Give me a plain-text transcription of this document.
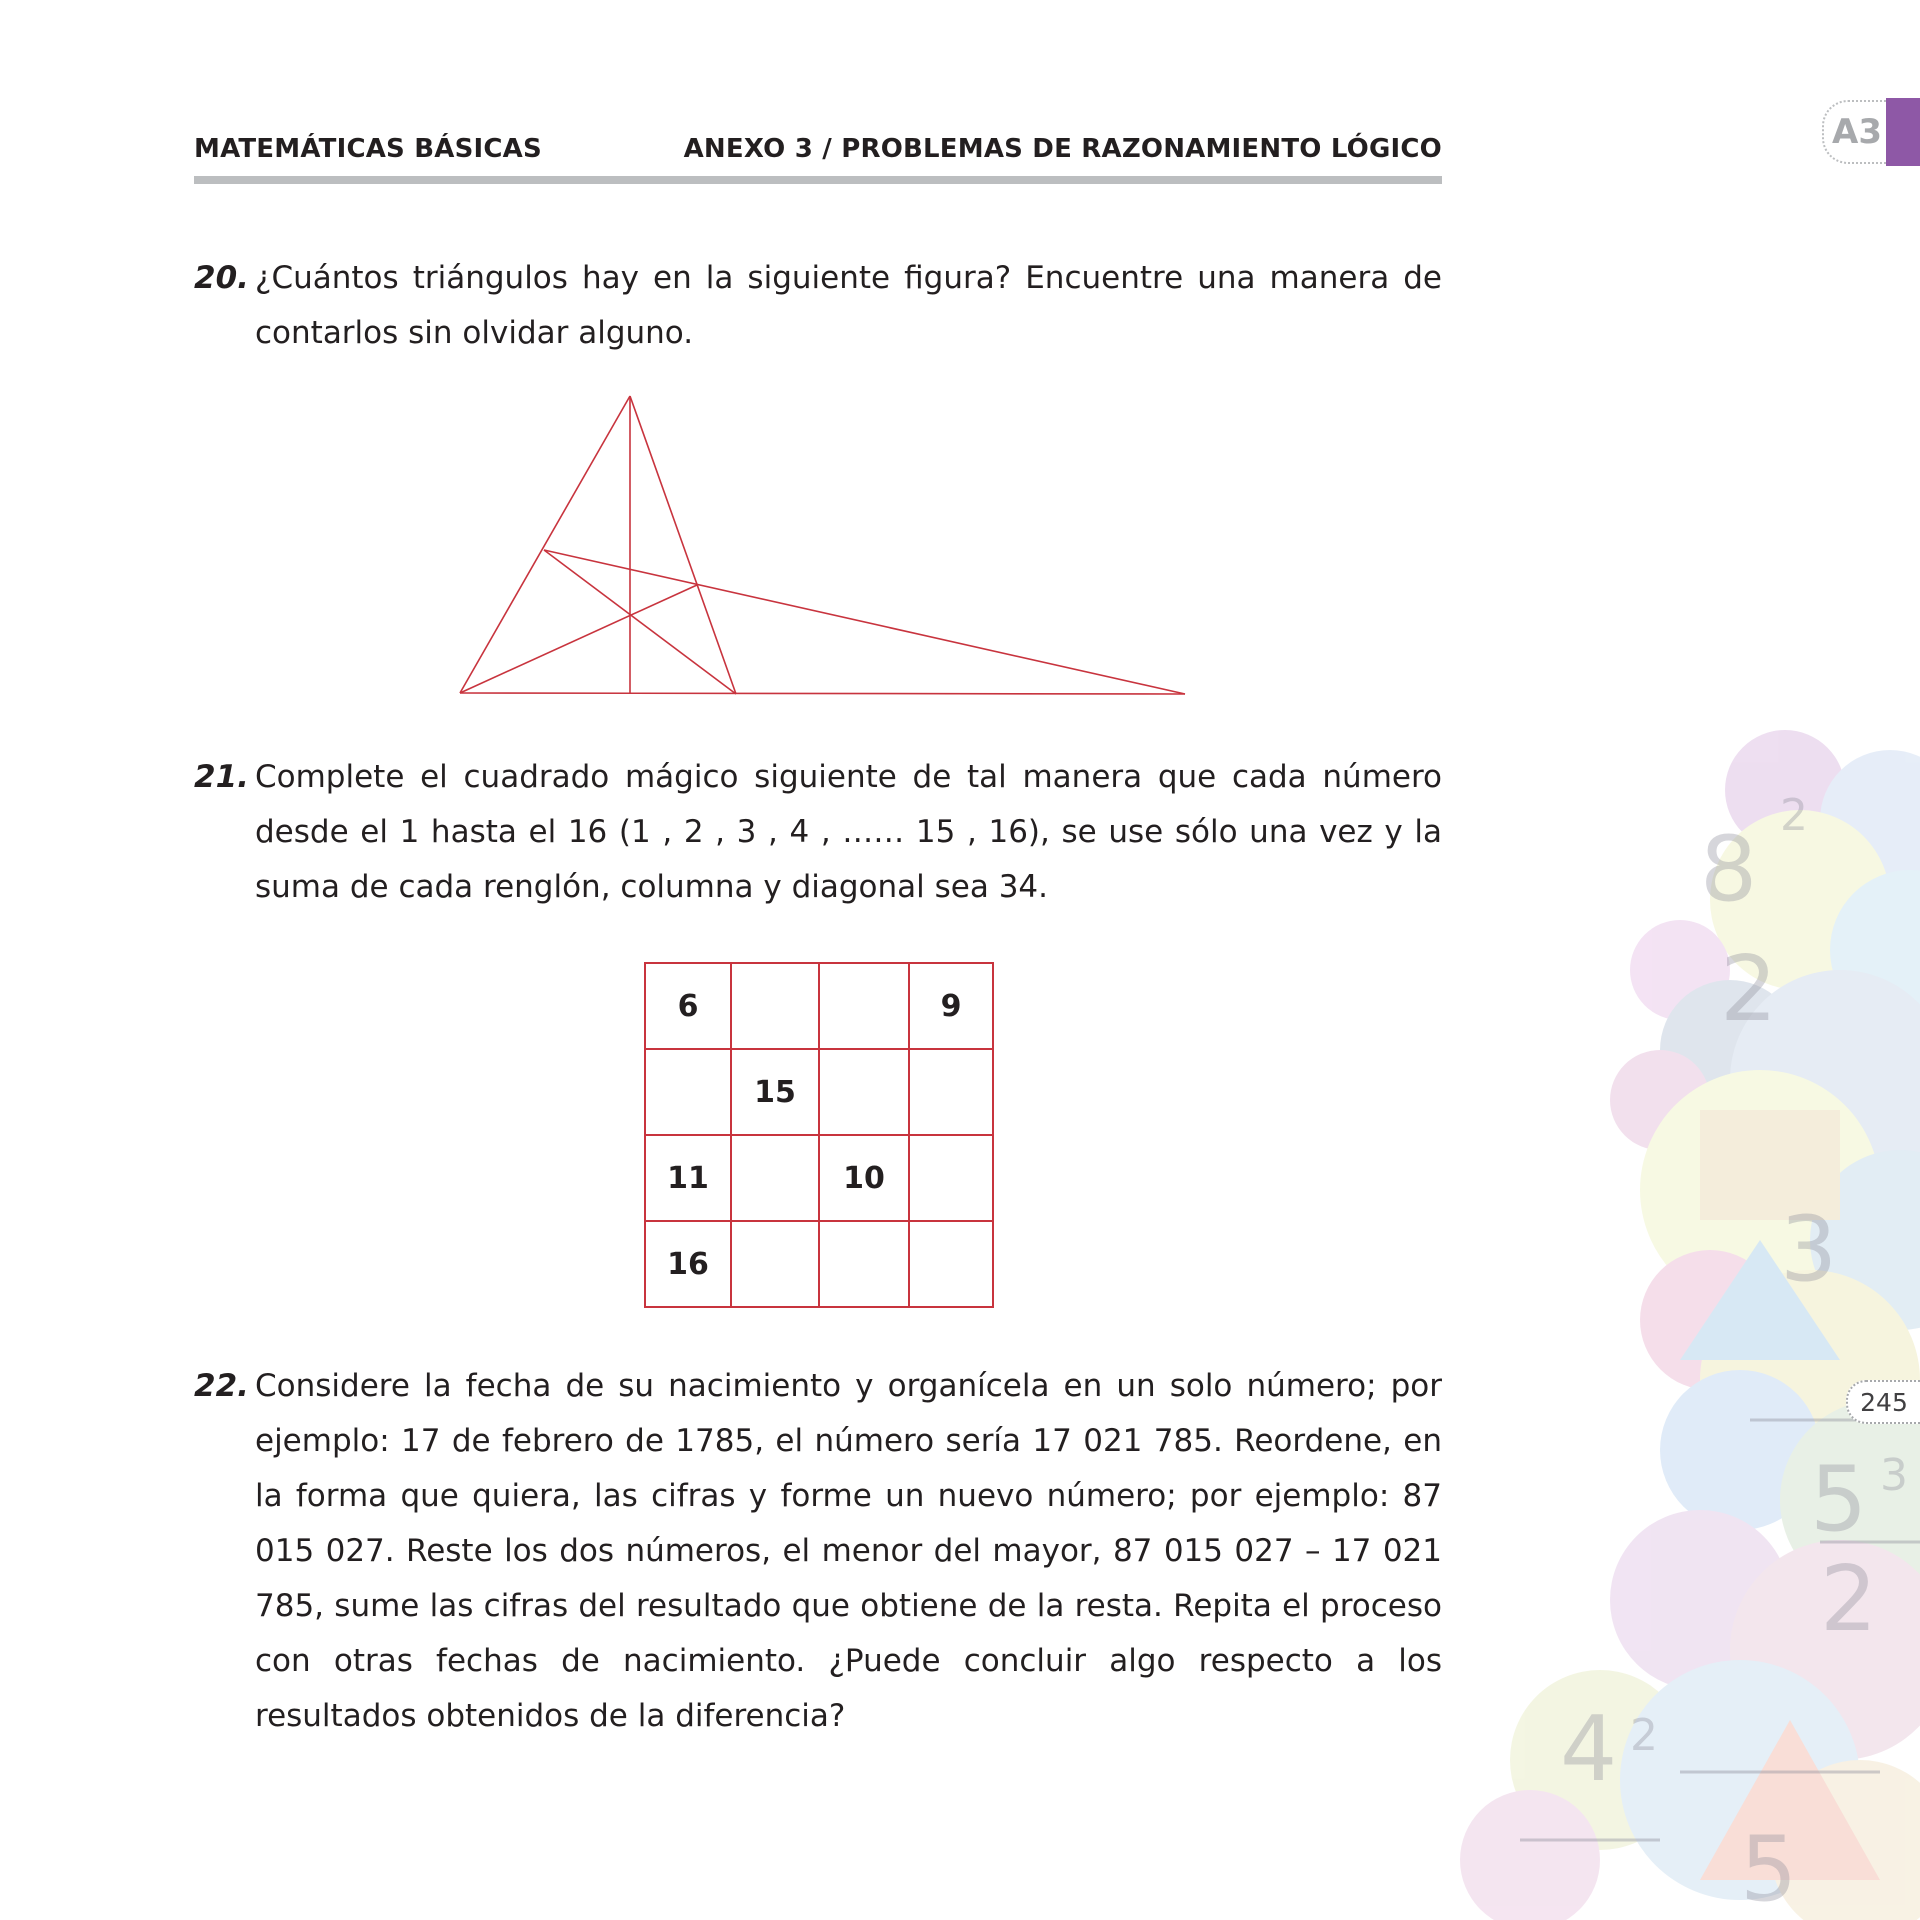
MATEMÁTICAS BÁSICAS	ANEXO 3 / PROBLEMAS DE RAZONAMIENTO LÓGICO	A3
8
2
3
5
2
4
5
2
3
2
245
20. ¿Cuántos triángulos hay en la siguiente figura? Encuentre una manera de contarlos sin olvidar alguno.
21. Complete el cuadrado mágico siguiente de tal manera que cada número desde el 1 hasta el 16 (1 , 2 , 3 , 4 , …… 15 , 16), se use sólo una vez y la suma de cada renglón, columna y diagonal sea 34.
6			9
	15		
11		10	
16			
22. Considere la fecha de su nacimiento y organícela en un solo número; por ejemplo: 17 de febrero de 1785, el número sería 17 021 785. Reordene, en la forma que quiera, las cifras y forme un nuevo número; por ejemplo: 87 015 027. Reste los dos números, el menor del mayor, 87 015 027 – 17 021 785, sume las cifras del resultado que obtiene de la resta. Repita el proceso con otras fechas de nacimiento. ¿Puede concluir algo respecto a los resultados obtenidos de la diferencia?
